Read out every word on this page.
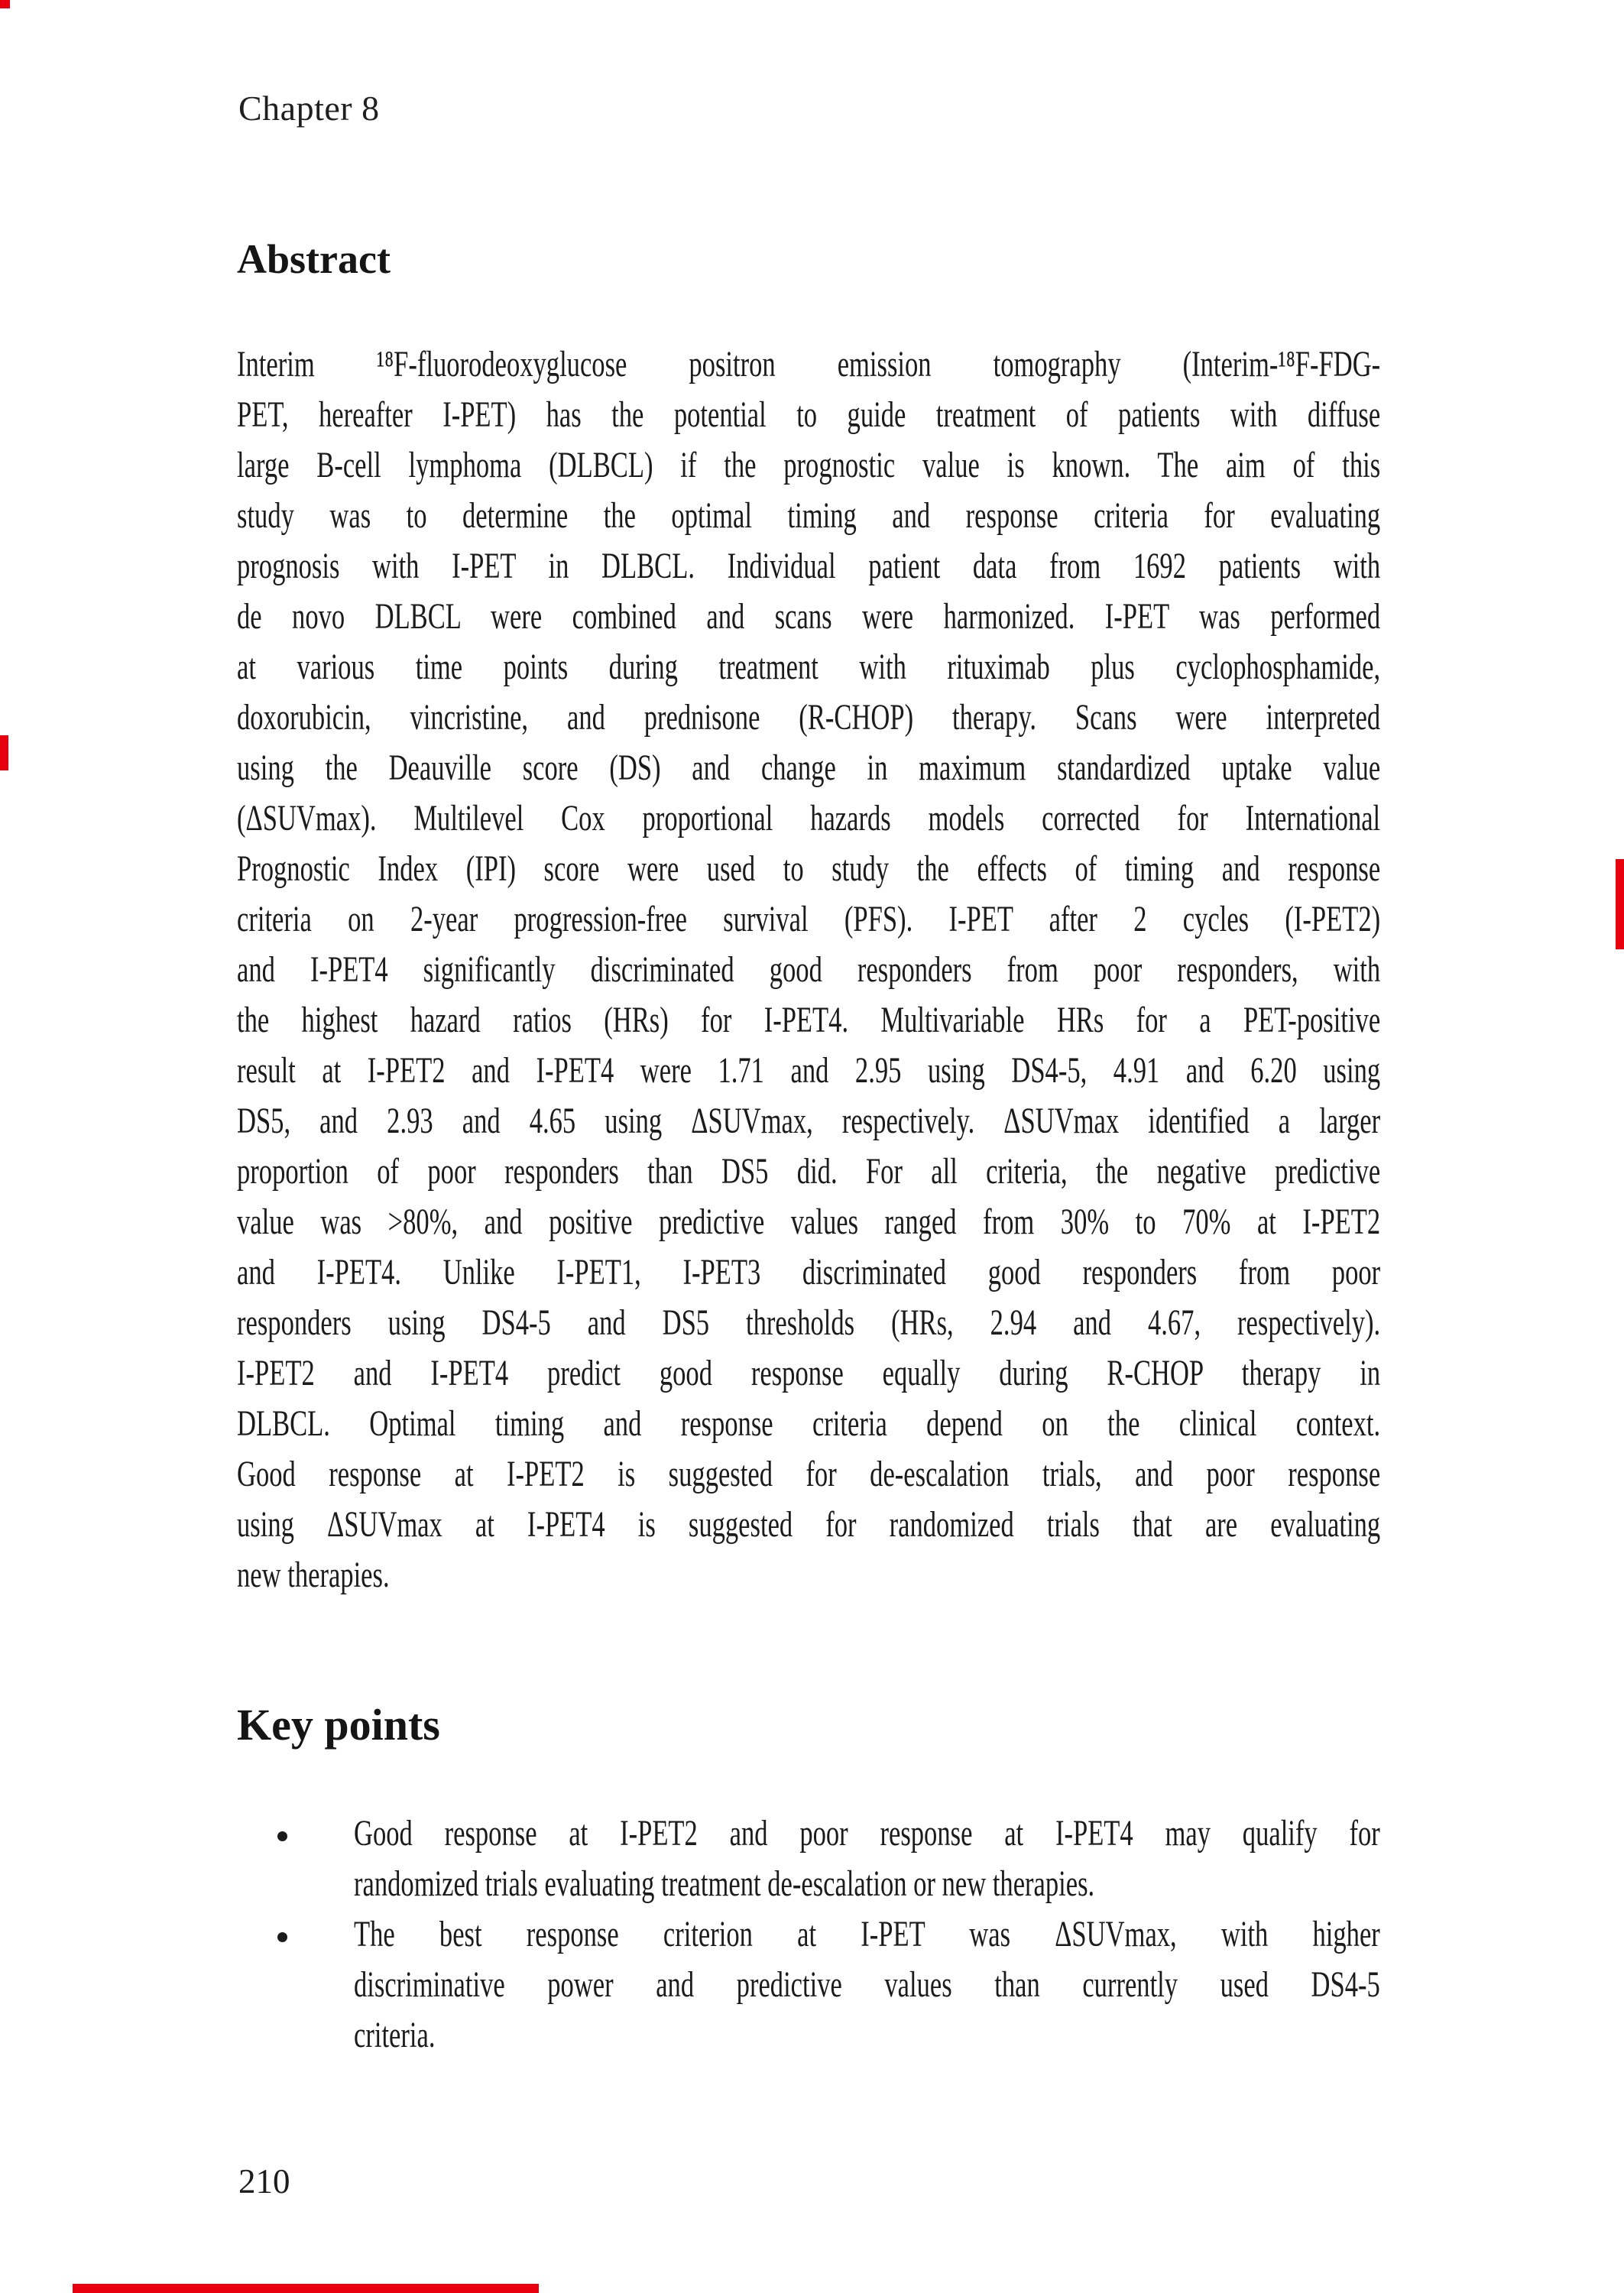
Chapter 8
Abstract
Interim ¹⁸F-fluorodeoxyglucose positron emission tomography (Interim-¹⁸F-FDG-
PET, hereafter I-PET) has the potential to guide treatment of patients with diffuse
large B-cell lymphoma (DLBCL) if the prognostic value is known. The aim of this
study was to determine the optimal timing and response criteria for evaluating
prognosis with I-PET in DLBCL. Individual patient data from 1692 patients with
de novo DLBCL were combined and scans were harmonized. I-PET was performed
at various time points during treatment with rituximab plus cyclophosphamide,
doxorubicin, vincristine, and prednisone (R-CHOP) therapy. Scans were interpreted
using the Deauville score (DS) and change in maximum standardized uptake value
(ΔSUVmax). Multilevel Cox proportional hazards models corrected for International
Prognostic Index (IPI) score were used to study the effects of timing and response
criteria on 2-year progression-free survival (PFS). I-PET after 2 cycles (I-PET2)
and I-PET4 significantly discriminated good responders from poor responders, with
the highest hazard ratios (HRs) for I-PET4. Multivariable HRs for a PET-positive
result at I-PET2 and I-PET4 were 1.71 and 2.95 using DS4-5, 4.91 and 6.20 using
DS5, and 2.93 and 4.65 using ΔSUVmax, respectively. ΔSUVmax identified a larger
proportion of poor responders than DS5 did. For all criteria, the negative predictive
value was >80%, and positive predictive values ranged from 30% to 70% at I-PET2
and I-PET4. Unlike I-PET1, I-PET3 discriminated good responders from poor
responders using DS4-5 and DS5 thresholds (HRs, 2.94 and 4.67, respectively).
I-PET2 and I-PET4 predict good response equally during R-CHOP therapy in
DLBCL. Optimal timing and response criteria depend on the clinical context.
Good response at I-PET2 is suggested for de-escalation trials, and poor response
using ΔSUVmax at I-PET4 is suggested for randomized trials that are evaluating
new therapies.
Key points
Good response at I-PET2 and poor response at I-PET4 may qualify for
randomized trials evaluating treatment de-escalation or new therapies.
The best response criterion at I-PET was ΔSUVmax, with higher
discriminative power and predictive values than currently used DS4-5
criteria.
210
